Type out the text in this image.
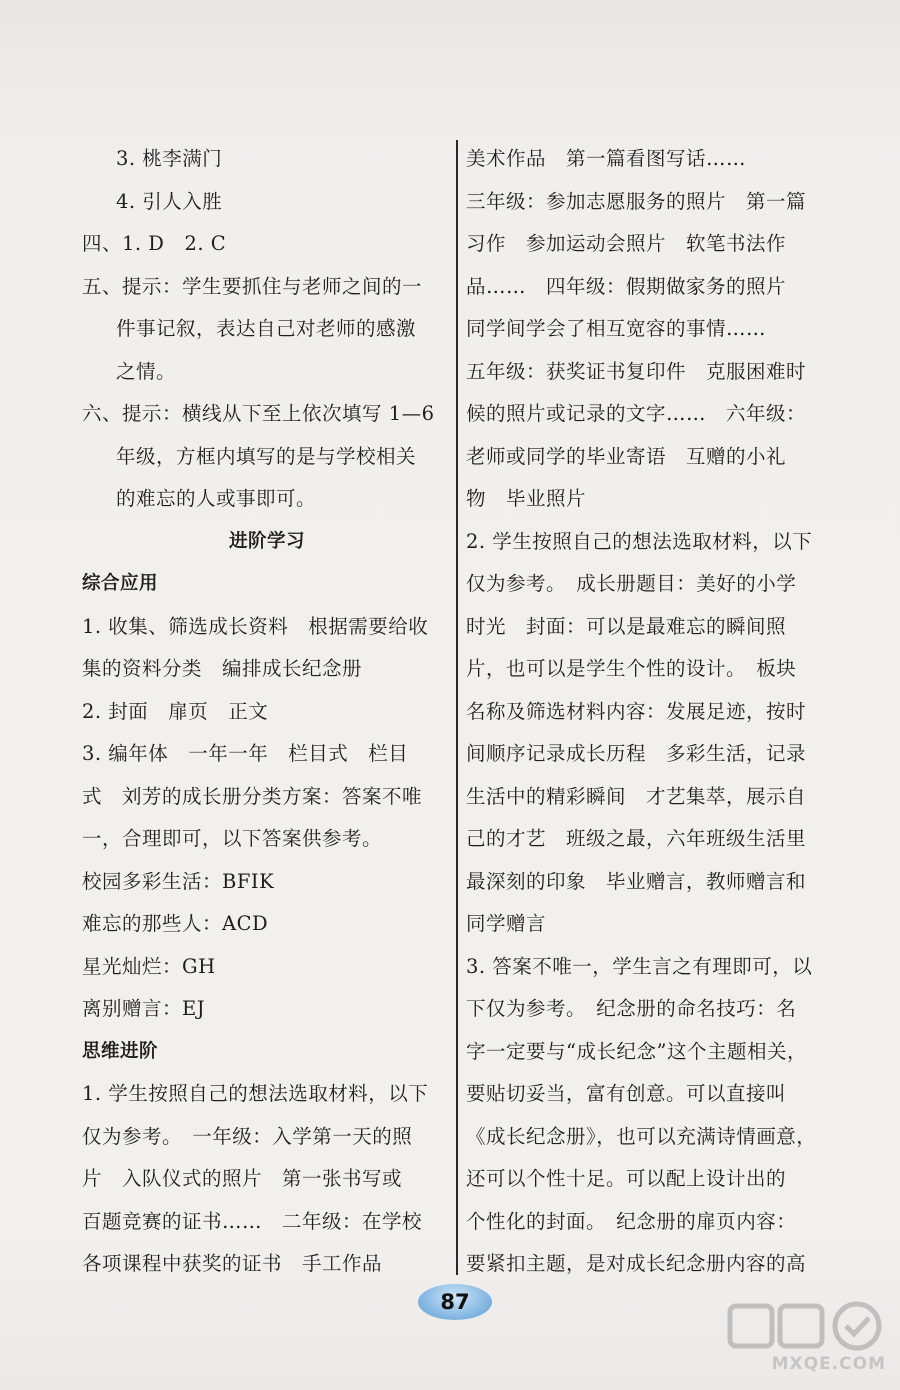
3. 桃李满门
4. 引人入胜
四、1. D　2. C
五、提示：学生要抓住与老师之间的一
件事记叙，表达自己对老师的感激
之情。
六、提示：横线从下至上依次填写 1—6
年级，方框内填写的是与学校相关
的难忘的人或事即可。
进阶学习
综合应用
1. 收集、筛选成长资料　根据需要给收
集的资料分类　编排成长纪念册
2. 封面　扉页　正文
3. 编年体　一年一年　栏目式　栏目
式　刘芳的成长册分类方案：答案不唯
一，合理即可，以下答案供参考。
校园多彩生活：BFIK
难忘的那些人：ACD
星光灿烂：GH
离别赠言：EJ
思维进阶
1. 学生按照自己的想法选取材料，以下
仅为参考。　一年级：入学第一天的照
片　入队仪式的照片　第一张书写或
百题竞赛的证书……　二年级：在学校
各项课程中获奖的证书　手工作品
美术作品　第一篇看图写话……
三年级：参加志愿服务的照片　第一篇
习作　参加运动会照片　软笔书法作
品……　四年级：假期做家务的照片
同学间学会了相互宽容的事情……
五年级：获奖证书复印件　克服困难时
候的照片或记录的文字……　六年级：
老师或同学的毕业寄语　互赠的小礼
物　毕业照片
2. 学生按照自己的想法选取材料，以下
仅为参考。　成长册题目：美好的小学
时光　封面：可以是最难忘的瞬间照
片，也可以是学生个性的设计。　板块
名称及筛选材料内容：发展足迹，按时
间顺序记录成长历程　多彩生活，记录
生活中的精彩瞬间　才艺集萃，展示自
己的才艺　班级之最，六年班级生活里
最深刻的印象　毕业赠言，教师赠言和
同学赠言
3. 答案不唯一，学生言之有理即可，以
下仅为参考。　纪念册的命名技巧：名
字一定要与“成长纪念”这个主题相关，
要贴切妥当，富有创意。可以直接叫
《成长纪念册》，也可以充满诗情画意，
还可以个性十足。可以配上设计出的
个性化的封面。　纪念册的扉页内容：
要紧扣主题，是对成长纪念册内容的高
87
MXQE.COM
